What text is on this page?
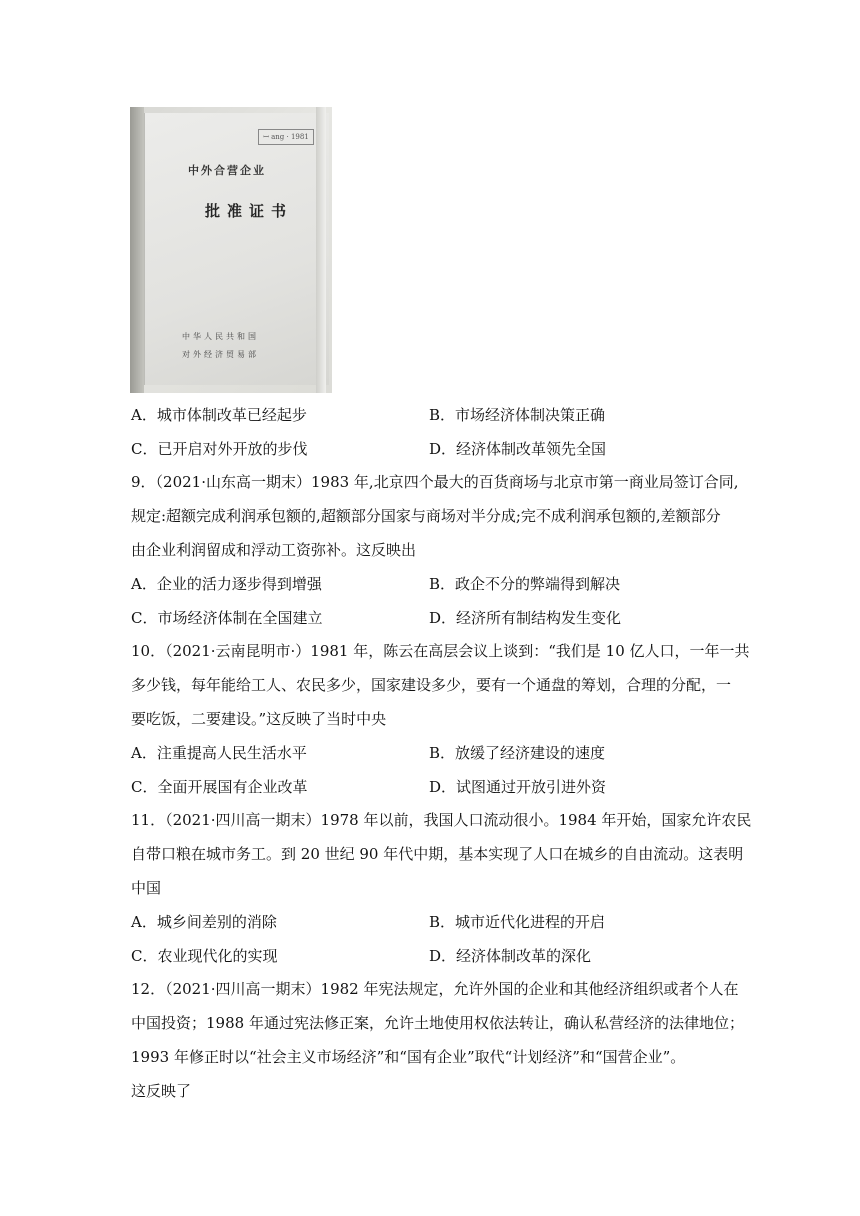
ꟷ ang · 1981
中外合营企业
批准证书
中华人民共和国
对外经济贸易部
A．城市体制改革已经起步	B．市场经济体制决策正确
C．已开启对外开放的步伐	D．经济体制改革领先全国
9．（2021·山东高一期末）1983 年,北京四个最大的百货商场与北京市第一商业局签订合同,
规定:超额完成利润承包额的,超额部分国家与商场对半分成;完不成利润承包额的,差额部分
由企业利润留成和浮动工资弥补。这反映出
A．企业的活力逐步得到增强	B．政企不分的弊端得到解决
C．市场经济体制在全国建立	D．经济所有制结构发生变化
10．（2021·云南昆明市·）1981 年，陈云在高层会议上谈到：“我们是 10 亿人口，一年一共
多少钱，每年能给工人、农民多少，国家建设多少，要有一个通盘的筹划，合理的分配，一
要吃饭，二要建设。”这反映了当时中央
A．注重提高人民生活水平	B．放缓了经济建设的速度
C．全面开展国有企业改革	D．试图通过开放引进外资
11．（2021·四川高一期末）1978 年以前，我国人口流动很小。1984 年开始，国家允许农民
自带口粮在城市务工。到 20 世纪 90 年代中期，基本实现了人口在城乡的自由流动。这表明
中国
A．城乡间差别的消除	B．城市近代化进程的开启
C．农业现代化的实现	D．经济体制改革的深化
12．（2021·四川高一期末）1982 年宪法规定，允许外国的企业和其他经济组织或者个人在
中国投资；1988 年通过宪法修正案，允许土地使用权依法转让，确认私营经济的法律地位；
1993 年修正时以“社会主义市场经济”和“国有企业”取代“计划经济”和“国营企业”。
这反映了
